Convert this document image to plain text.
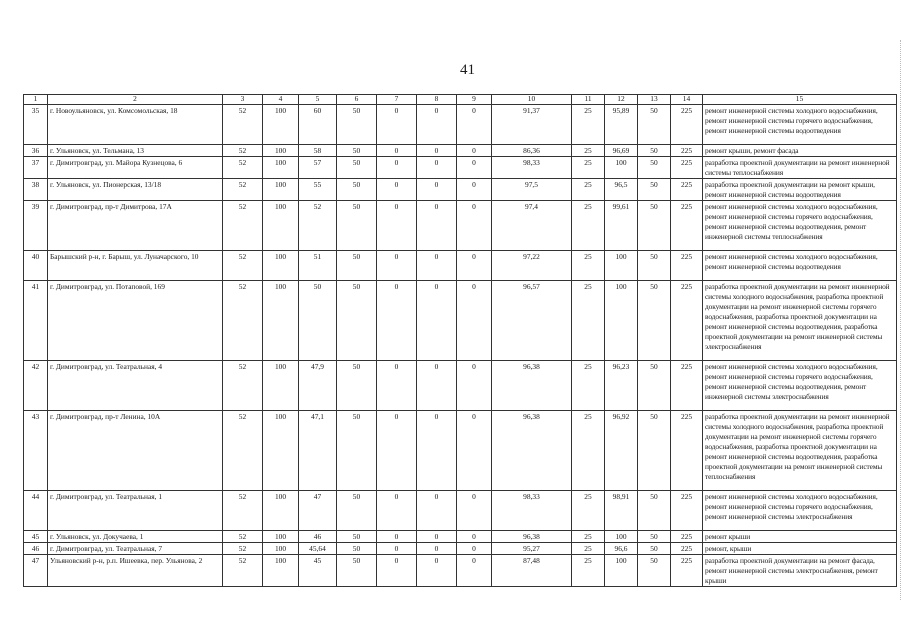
41
1	2	3	4	5	6	7	8	9	10	11	12	13	14	15
35	г. Новоульяновск, ул. Комсомольская, 18	52	100	60	50	0	0	0	91,37	25	95,89	50	225	ремонт инженерной системы холодного водоснабжения, ремонт инженерной системы горячего водоснабжения, ремонт инженерной системы водоотведения
36	г. Ульяновск, ул. Тельмана, 13	52	100	58	50	0	0	0	86,36	25	96,69	50	225	ремонт крыши, ремонт фасада
37	г. Димитровград, ул. Майора Кузнецова, 6	52	100	57	50	0	0	0	98,33	25	100	50	225	разработка проектной документации на ремонт инженерной системы теплоснабжения
38	г. Ульяновск, ул. Пионерская, 13/18	52	100	55	50	0	0	0	97,5	25	96,5	50	225	разработка проектной документации на ремонт крыши, ремонт инженерной системы водоотведения
39	г. Димитровград, пр-т Димитрова, 17А	52	100	52	50	0	0	0	97,4	25	99,61	50	225	ремонт инженерной системы холодного водоснабжения, ремонт инженерной системы горячего водоснабжения, ремонт инженерной системы водоотведения, ремонт инженерной системы теплоснабжения
40	Барышский р-н, г. Барыш, ул. Луначарского, 10	52	100	51	50	0	0	0	97,22	25	100	50	225	ремонт инженерной системы холодного водоснабжения, ремонт инженерной системы водоотведения
41	г. Димитровград, ул. Потаповой, 169	52	100	50	50	0	0	0	96,57	25	100	50	225	разработка проектной документации на ремонт инженерной системы холодного водоснабжения, разработка проектной документации на ремонт инженерной системы горячего водоснабжения, разработка проектной документации на ремонт инженерной системы водоотведения, разработка проектной документации на ремонт инженерной системы электроснабжения
42	г. Димитровград, ул. Театральная, 4	52	100	47,9	50	0	0	0	96,38	25	96,23	50	225	ремонт инженерной системы холодного водоснабжения, ремонт инженерной системы горячего водоснабжения, ремонт инженерной системы водоотведения, ремонт инженерной системы электроснабжения
43	г. Димитровград, пр-т Ленина, 10А	52	100	47,1	50	0	0	0	96,38	25	96,92	50	225	разработка проектной документации на ремонт инженерной системы холодного водоснабжения, разработка проектной документации на ремонт инженерной системы горячего водоснабжения, разработка проектной документации на ремонт инженерной системы водоотведения, разработка проектной документации на ремонт инженерной системы теплоснабжения
44	г. Димитровград, ул. Театральная, 1	52	100	47	50	0	0	0	98,33	25	98,91	50	225	ремонт инженерной системы холодного водоснабжения, ремонт инженерной системы горячего водоснабжения, ремонт инженерной системы электроснабжения
45	г. Ульяновск, ул. Докучаева, 1	52	100	46	50	0	0	0	96,38	25	100	50	225	ремонт крыши
46	г. Димитровград, ул. Театральная, 7	52	100	45,64	50	0	0	0	95,27	25	96,6	50	225	ремонт, крыши
47	Ульяновский р-н, р.п. Ишеевка, пер. Ульянова, 2	52	100	45	50	0	0	0	87,48	25	100	50	225	разработка проектной документации на ремонт фасада, ремонт инженерной системы электроснабжения, ремонт крыши
